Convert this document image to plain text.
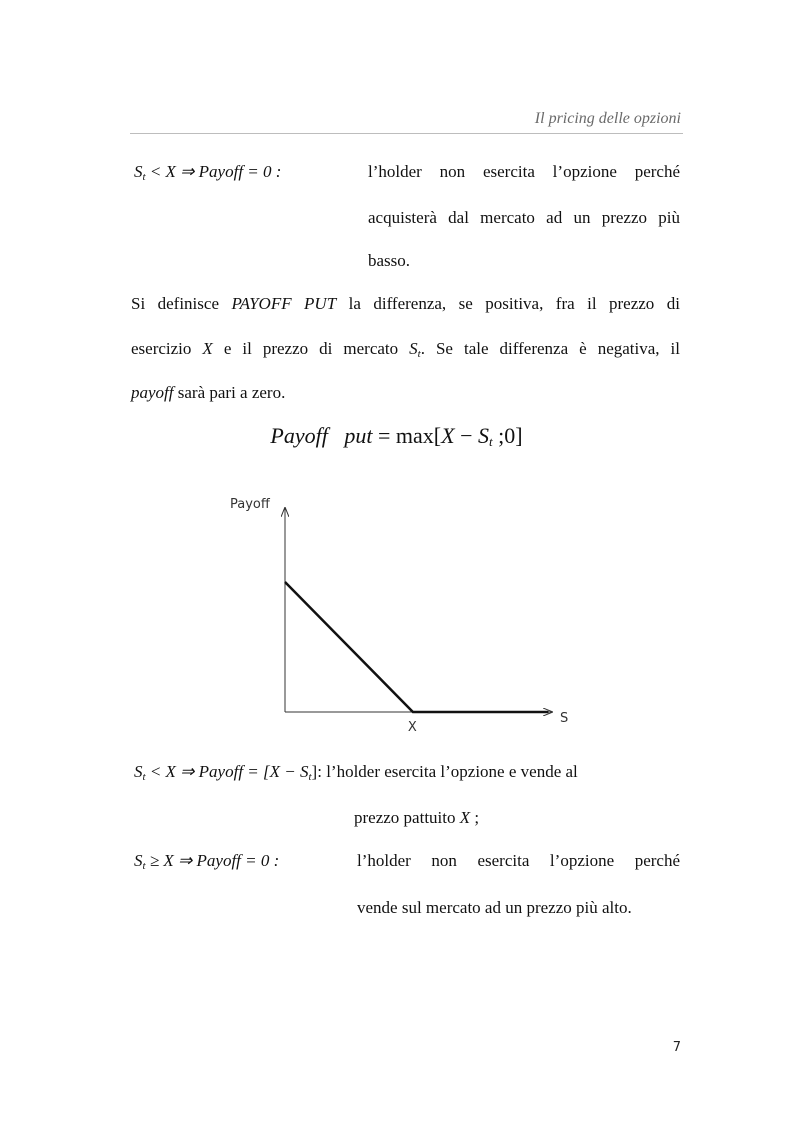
Il pricing delle opzioni
$S_t < X$ ⇒ Payoff = 0 :	l’holder non esercita l’opzione perché
acquisterà dal mercato ad un prezzo più
basso.
Si definisce PAYOFF PUT la differenza, se positiva, fra il prezzo di
esercizio X e il prezzo di mercato $S_t$. Se tale differenza è negativa, il
payoff sarà pari a zero.
Payoff put = $\max[X - S_t$ ;0]
Payoff
S
X
$S_t < X$ ⇒ Payoff = $[X - S_t]$: l’holder esercita l’opzione e vende al
prezzo pattuito X ;
$S_t \ge X$ ⇒ Payoff = 0 :	l’holder non esercita l’opzione perché
vende sul mercato ad un prezzo più alto.
7
